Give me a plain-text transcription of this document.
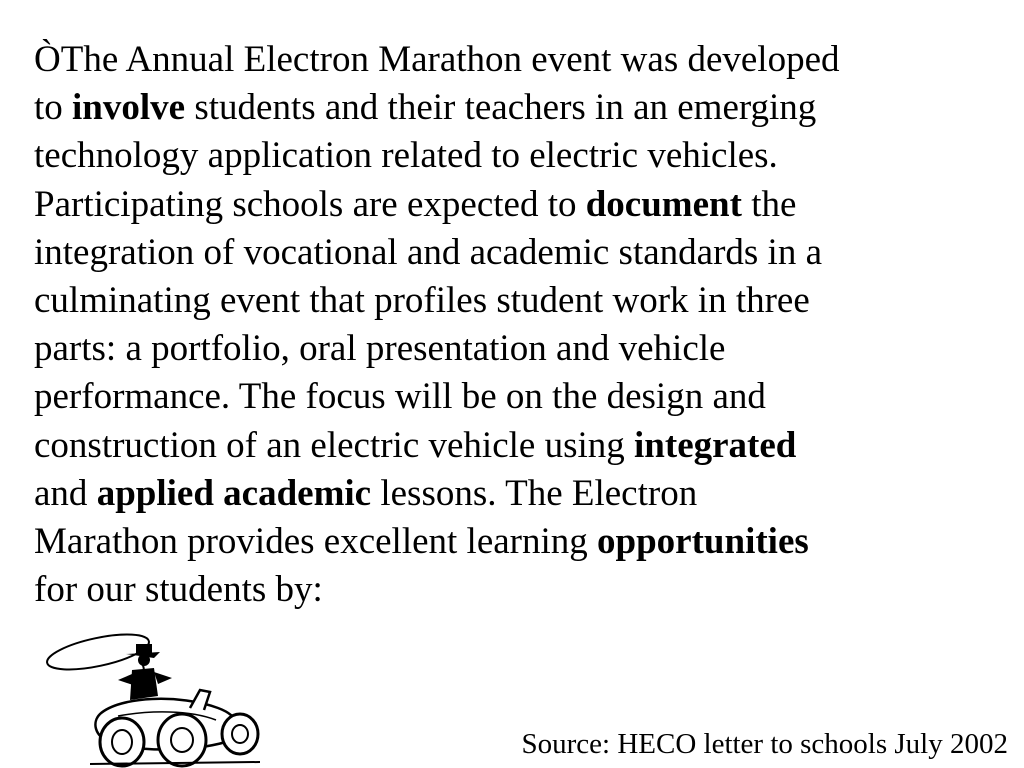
ÒThe Annual Electron Marathon event was developed
to involve students and their teachers in an emerging
technology application related to electric vehicles.
Participating schools are expected to document the
integration of vocational and academic standards in a
culminating event that profiles student work in three
parts: a portfolio, oral presentation and vehicle
performance. The focus will be on the design and
construction of an electric vehicle using integrated
and applied academic lessons. The Electron
Marathon provides excellent learning opportunities
for our students by:

Source: HECO letter to schools July 2002
